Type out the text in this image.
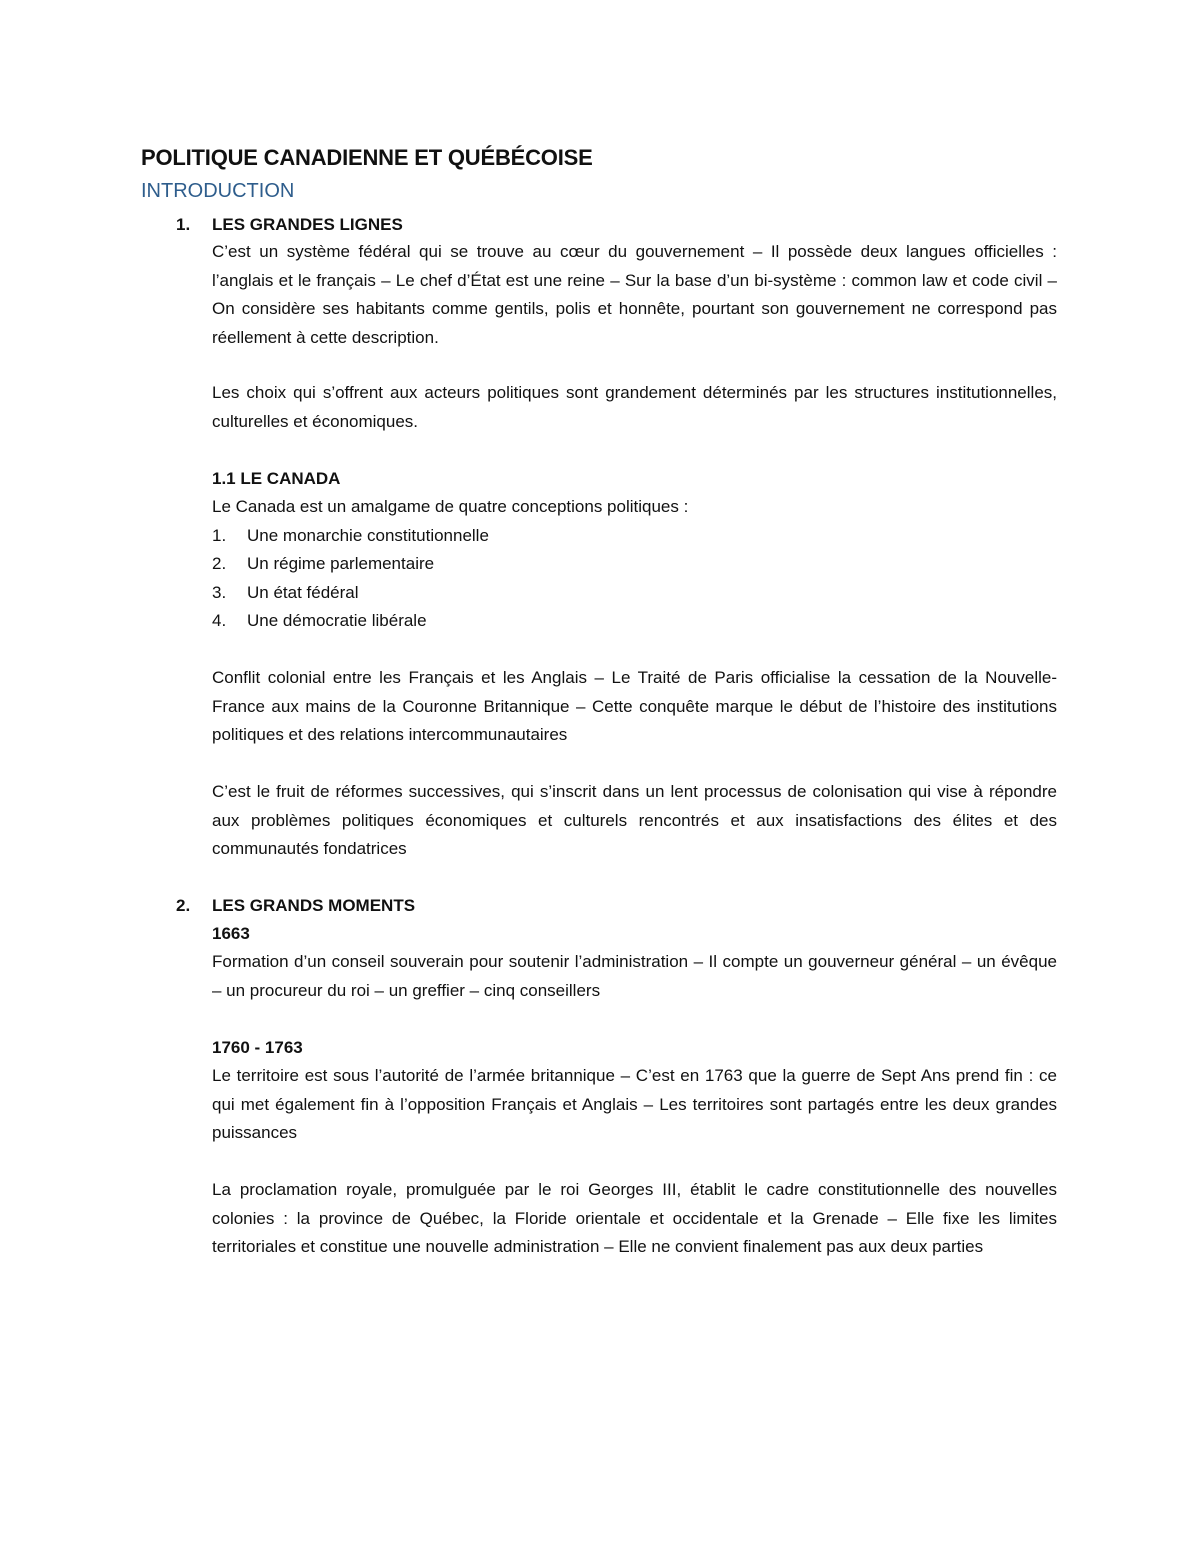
POLITIQUE CANADIENNE ET QUÉBÉCOISE
INTRODUCTION
1. LES GRANDES LIGNES
C’est un système fédéral qui se trouve au cœur du gouvernement – Il possède deux langues officielles : l’anglais et le français – Le chef d’État est une reine – Sur la base d’un bi-système : common law et code civil – On considère ses habitants comme gentils, polis et honnête, pourtant son gouvernement ne correspond pas réellement à cette description.
Les choix qui s’offrent aux acteurs politiques sont grandement déterminés par les structures institutionnelles, culturelles et économiques.
1.1 LE CANADA
Le Canada est un amalgame de quatre conceptions politiques :
1. Une monarchie constitutionnelle
2. Un régime parlementaire
3. Un état fédéral
4. Une démocratie libérale
Conflit colonial entre les Français et les Anglais – Le Traité de Paris officialise la cessation de la Nouvelle-France aux mains de la Couronne Britannique – Cette conquête marque le début de l’histoire des institutions politiques et des relations intercommunautaires
C’est le fruit de réformes successives, qui s’inscrit dans un lent processus de colonisation qui vise à répondre aux problèmes politiques économiques et culturels rencontrés et aux insatisfactions des élites et des communautés fondatrices
2. LES GRANDS MOMENTS
1663
Formation d’un conseil souverain pour soutenir l’administration – Il compte un gouverneur général – un évêque – un procureur du roi – un greffier – cinq conseillers
1760 - 1763
Le territoire est sous l’autorité de l’armée britannique – C’est en 1763 que la guerre de Sept Ans prend fin : ce qui met également fin à l’opposition Français et Anglais – Les territoires sont partagés entre les deux grandes puissances
La proclamation royale, promulguée par le roi Georges III, établit le cadre constitutionnelle des nouvelles colonies : la province de Québec, la Floride orientale et occidentale et la Grenade – Elle fixe les limites territoriales et constitue une nouvelle administration – Elle ne convient finalement pas aux deux parties
